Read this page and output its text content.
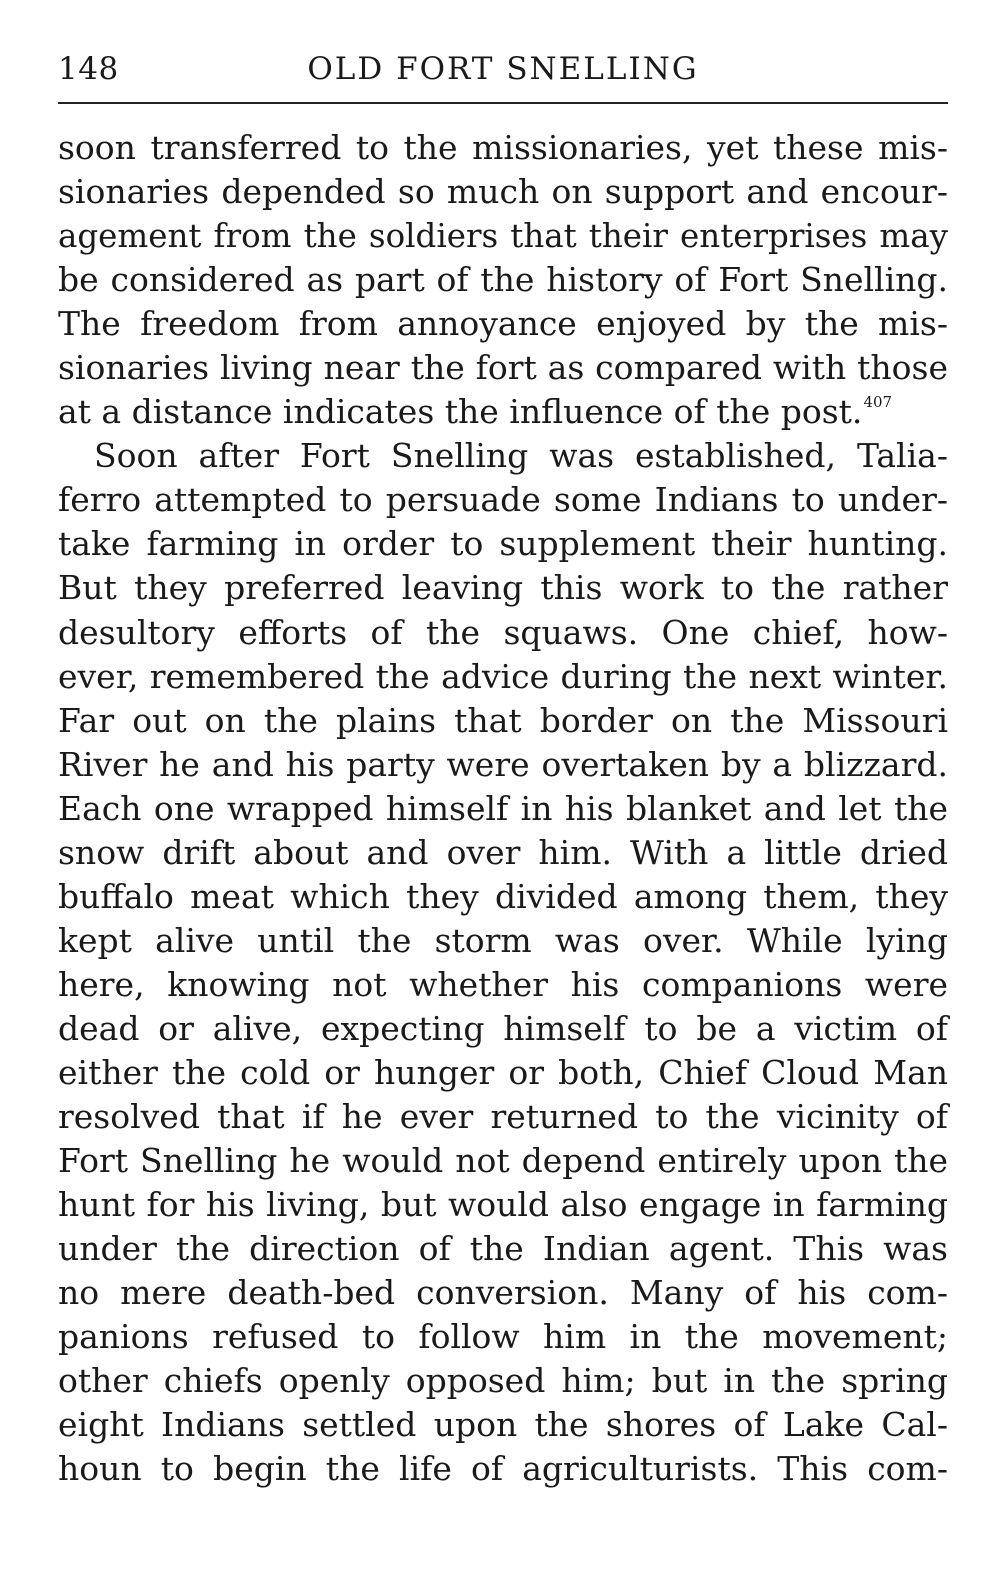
148	OLD FORT SNELLING
soon transferred to the missionaries, yet these mis-
sionaries depended so much on support and encour-
agement from the soldiers that their enterprises may
be considered as part of the history of Fort Snelling.
The freedom from annoyance enjoyed by the mis-
sionaries living near the fort as compared with those
at a distance indicates the influence of the post.$^{407}$
Soon after Fort Snelling was established, Talia-
ferro attempted to persuade some Indians to under-
take farming in order to supplement their hunting.
But they preferred leaving this work to the rather
desultory efforts of the squaws. One chief, how-
ever, remembered the advice during the next winter.
Far out on the plains that border on the Missouri
River he and his party were overtaken by a blizzard.
Each one wrapped himself in his blanket and let the
snow drift about and over him. With a little dried
buffalo meat which they divided among them, they
kept alive until the storm was over. While lying
here, knowing not whether his companions were
dead or alive, expecting himself to be a victim of
either the cold or hunger or both, Chief Cloud Man
resolved that if he ever returned to the vicinity of
Fort Snelling he would not depend entirely upon the
hunt for his living, but would also engage in farming
under the direction of the Indian agent. This was
no mere death-bed conversion. Many of his com-
panions refused to follow him in the movement;
other chiefs openly opposed him; but in the spring
eight Indians settled upon the shores of Lake Cal-
houn to begin the life of agriculturists. This com-
